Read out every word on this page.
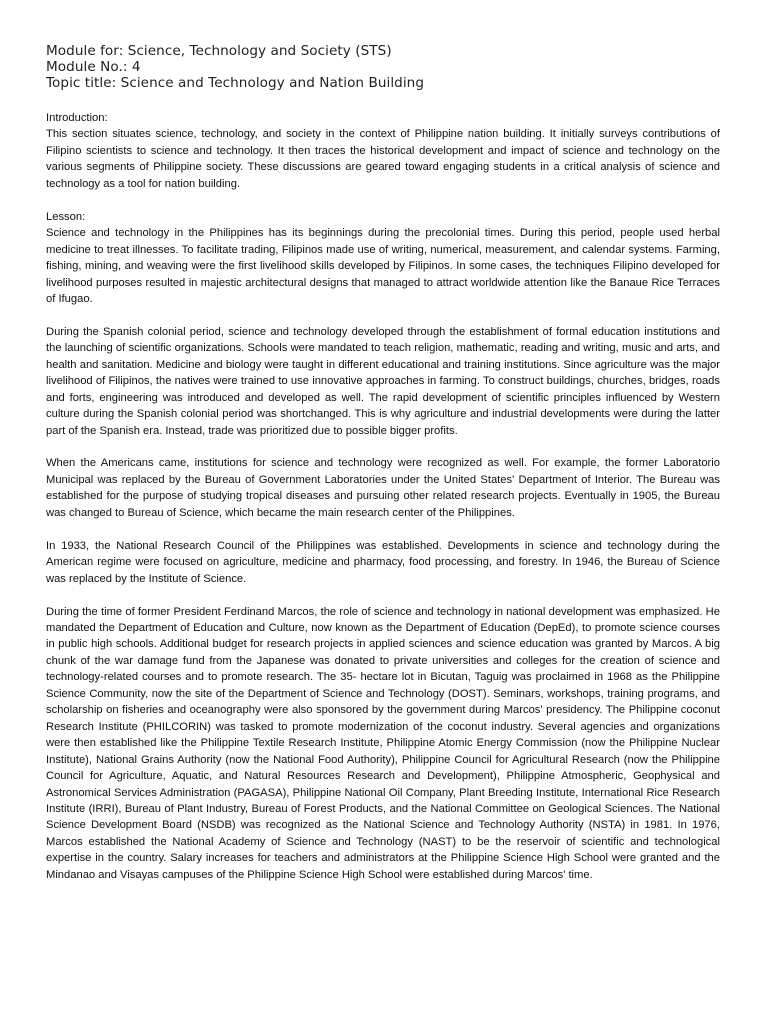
Module for: Science, Technology and Society (STS)
Module No.: 4
Topic title: Science and Technology and Nation Building
Introduction:

This section situates science, technology, and society in the context of Philippine nation building. It initially surveys contributions of Filipino scientists to science and technology. It then traces the historical development and impact of science and technology on the various segments of Philippine society. These discussions are geared toward engaging students in a critical analysis of science and technology as a tool for nation building.

Lesson:

Science and technology in the Philippines has its beginnings during the precolonial times. During this period, people used herbal medicine to treat illnesses. To facilitate trading, Filipinos made use of writing, numerical, measurement, and calendar systems. Farming, fishing, mining, and weaving were the first livelihood skills developed by Filipinos. In some cases, the techniques Filipino developed for livelihood purposes resulted in majestic architectural designs that managed to attract worldwide attention like the Banaue Rice Terraces of Ifugao.

During the Spanish colonial period, science and technology developed through the establishment of formal education institutions and the launching of scientific organizations. Schools were mandated to teach religion, mathematic, reading and writing, music and arts, and health and sanitation. Medicine and biology were taught in different educational and training institutions. Since agriculture was the major livelihood of Filipinos, the natives were trained to use innovative approaches in farming. To construct buildings, churches, bridges, roads and forts, engineering was introduced and developed as well. The rapid development of scientific principles influenced by Western culture during the Spanish colonial period was shortchanged. This is why agriculture and industrial developments were during the latter part of the Spanish era. Instead, trade was prioritized due to possible bigger profits.

When the Americans came, institutions for science and technology were recognized as well. For example, the former Laboratorio Municipal was replaced by the Bureau of Government Laboratories under the United States' Department of Interior. The Bureau was established for the purpose of studying tropical diseases and pursuing other related research projects. Eventually in 1905, the Bureau was changed to Bureau of Science, which became the main research center of the Philippines.

In 1933, the National Research Council of the Philippines was established. Developments in science and technology during the American regime were focused on agriculture, medicine and pharmacy, food processing, and forestry. In 1946, the Bureau of Science was replaced by the Institute of Science.

During the time of former President Ferdinand Marcos, the role of science and technology in national development was emphasized. He mandated the Department of Education and Culture, now known as the Department of Education (DepEd), to promote science courses in public high schools. Additional budget for research projects in applied sciences and science education was granted by Marcos. A big chunk of the war damage fund from the Japanese was donated to private universities and colleges for the creation of science and technology-related courses and to promote research. The 35- hectare lot in Bicutan, Taguig was proclaimed in 1968 as the Philippine Science Community, now the site of the Department of Science and Technology (DOST). Seminars, workshops, training programs, and scholarship on fisheries and oceanography were also sponsored by the government during Marcos' presidency. The Philippine coconut Research Institute (PHILCORIN) was tasked to promote modernization of the coconut industry. Several agencies and organizations were then established like the Philippine Textile Research Institute, Philippine Atomic Energy Commission (now the Philippine Nuclear Institute), National Grains Authority (now the National Food Authority), Philippine Council for Agricultural Research (now the Philippine Council for Agriculture, Aquatic, and Natural Resources Research and Development), Philippine Atmospheric, Geophysical and Astronomical Services Administration (PAGASA), Philippine National Oil Company, Plant Breeding Institute, International Rice Research Institute (IRRI), Bureau of Plant Industry, Bureau of Forest Products, and the National Committee on Geological Sciences. The National Science Development Board (NSDB) was recognized as the National Science and Technology Authority (NSTA) in 1981. In 1976, Marcos established the National Academy of Science and Technology (NAST) to be the reservoir of scientific and technological expertise in the country. Salary increases for teachers and administrators at the Philippine Science High School were granted and the Mindanao and Visayas campuses of the Philippine Science High School were established during Marcos' time.
